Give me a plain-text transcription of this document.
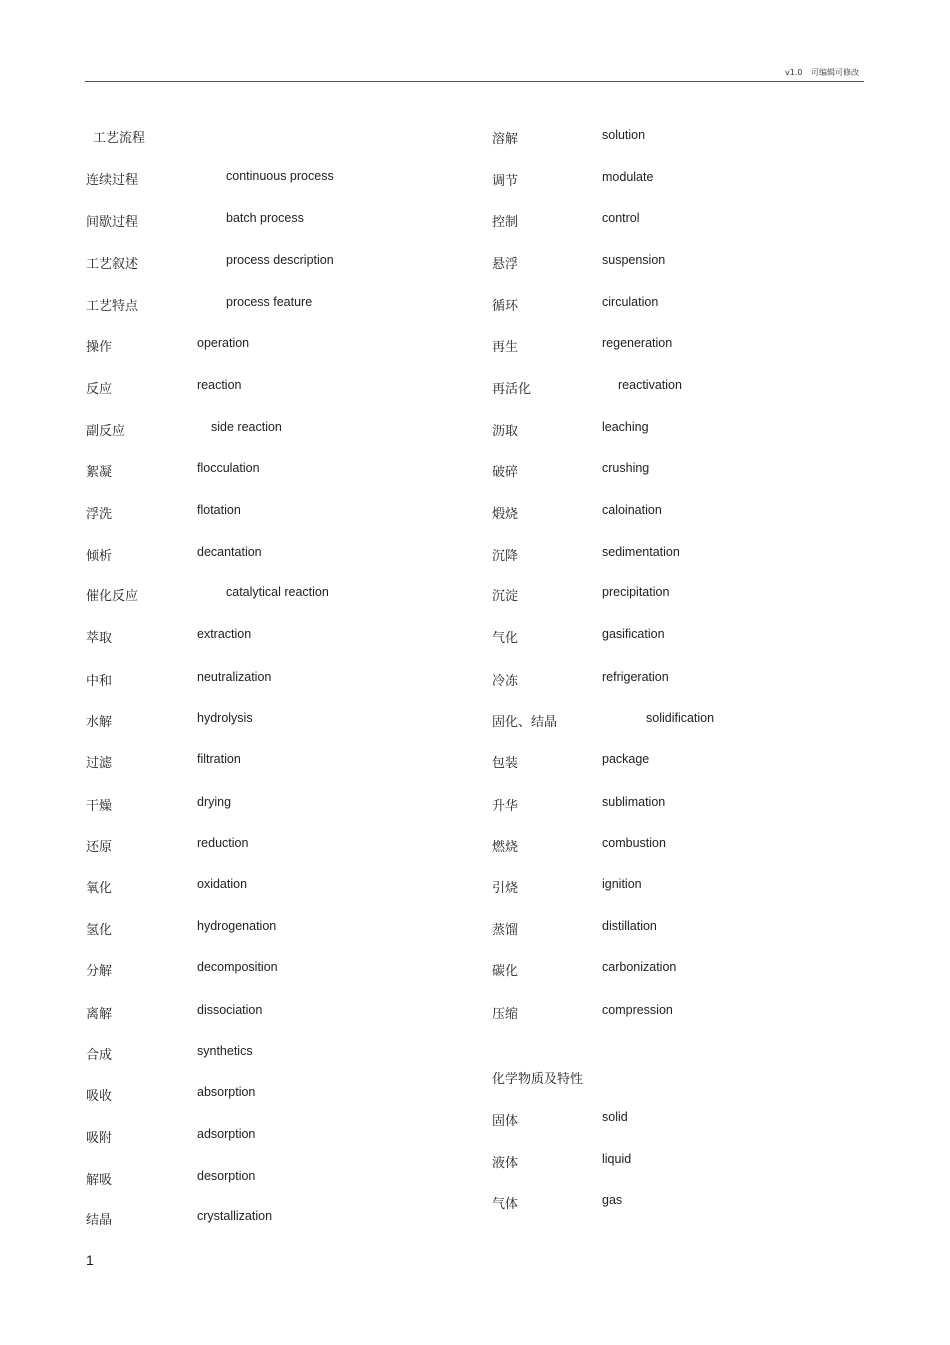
v1.0 可编辑可修改
工艺流程
连续过程	continuous process
间歇过程	batch process
工艺叙述	process description
工艺特点	process feature
操作	operation
反应	reaction
副反应	side reaction
絮凝	flocculation
浮洗	flotation
倾析	decantation
催化反应	catalytical reaction
萃取	extraction
中和	neutralization
水解	hydrolysis
过滤	filtration
干燥	drying
还原	reduction
氧化	oxidation
氢化	hydrogenation
分解	decomposition
离解	dissociation
合成	synthetics
吸收	absorption
吸附	adsorption
解吸	desorption
结晶	crystallization
溶解	solution
调节	modulate
控制	control
悬浮	suspension
循环	circulation
再生	regeneration
再活化	reactivation
沥取	leaching
破碎	crushing
煅烧	caloination
沉降	sedimentation
沉淀	precipitation
气化	gasification
冷冻	refrigeration
固化、结晶	solidification
包装	package
升华	sublimation
燃烧	combustion
引烧	ignition
蒸馏	distillation
碳化	carbonization
压缩	compression
化学物质及特性
固体	solid
液体	liquid
气体	gas
1
